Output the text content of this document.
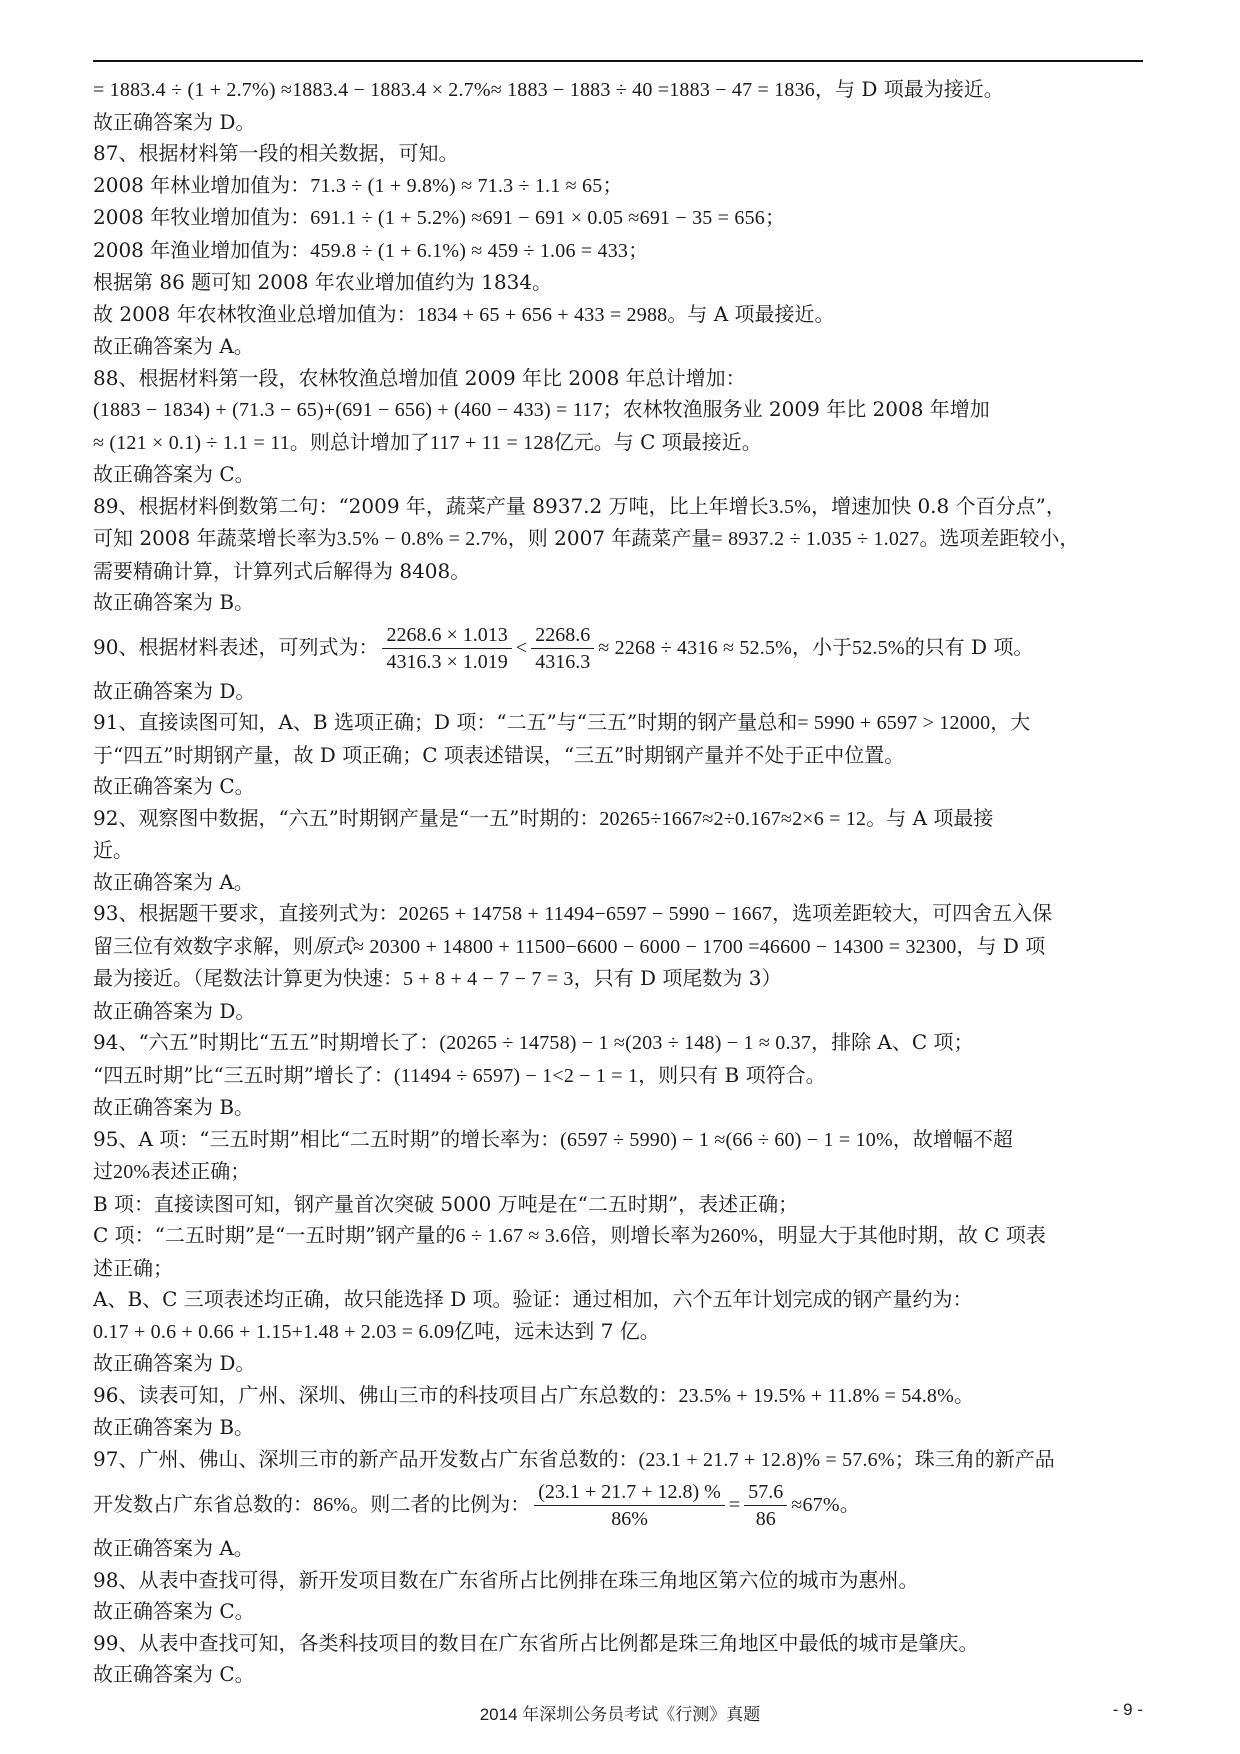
= 1883.4 ÷ (1 + 2.7%) ≈1883.4 − 1883.4 × 2.7%≈ 1883 − 1883 ÷ 40 =1883 − 47 = 1836，与 D 项最为接近。
故正确答案为 D。
87、根据材料第一段的相关数据，可知。
2008 年林业增加值为：71.3 ÷ (1 + 9.8%) ≈ 71.3 ÷ 1.1 ≈ 65；
2008 年牧业增加值为：691.1 ÷ (1 + 5.2%) ≈691 − 691 × 0.05 ≈691 − 35 = 656；
2008 年渔业增加值为：459.8 ÷ (1 + 6.1%) ≈ 459 ÷ 1.06 = 433；
根据第 86 题可知 2008 年农业增加值约为 1834。
故 2008 年农林牧渔业总增加值为：1834 + 65 + 656 + 433 = 2988。与 A 项最接近。
故正确答案为 A。
88、根据材料第一段，农林牧渔总增加值 2009 年比 2008 年总计增加：
(1883 − 1834) + (71.3 − 65)+(691 − 656) + (460 − 433) = 117；农林牧渔服务业 2009 年比 2008 年增加
≈ (121 × 0.1) ÷ 1.1 = 11。则总计增加了117 + 11 = 128亿元。与 C 项最接近。
故正确答案为 C。
89、根据材料倒数第二句：“2009 年，蔬菜产量 8937.2 万吨，比上年增长3.5%，增速加快 0.8 个百分点”，
可知 2008 年蔬菜增长率为3.5% − 0.8% = 2.7%，则 2007 年蔬菜产量= 8937.2 ÷ 1.035 ÷ 1.027。选项差距较小，
需要精确计算，计算列式后解得为 8408。
故正确答案为 B。
90、根据材料表述，可列式为： $\frac{2268.6 \times 1.013}{4316.3 \times 1.019} < \frac{2268.6}{4316.3} \approx 2268 \div 4316 \approx 52.5\%$，小于52.5%的只有 D 项。
故正确答案为 D。
91、直接读图可知，A、B 选项正确；D 项：“二五”与“三五”时期的钢产量总和= 5990 + 6597 > 12000，大
于“四五”时期钢产量，故 D 项正确；C 项表述错误，“三五”时期钢产量并不处于正中位置。
故正确答案为 C。
92、观察图中数据，“六五”时期钢产量是“一五”时期的：20265÷1667≈2÷0.167≈2×6 = 12。与 A 项最接
近。
故正确答案为 A。
93、根据题干要求，直接列式为：20265 + 14758 + 11494−6597 − 5990 − 1667，选项差距较大，可四舍五入保
留三位有效数字求解，则原式≈ 20300 + 14800 + 11500−6600 − 6000 − 1700 =46600 − 14300 = 32300，与 D 项
最为接近。（尾数法计算更为快速：5 + 8 + 4 − 7 − 7 = 3，只有 D 项尾数为 3）
故正确答案为 D。
94、“六五”时期比“五五”时期增长了：(20265 ÷ 14758) − 1 ≈(203 ÷ 148) − 1 ≈ 0.37，排除 A、C 项；
“四五时期”比“三五时期”增长了：(11494 ÷ 6597) − 1<2 − 1 = 1，则只有 B 项符合。
故正确答案为 B。
95、A 项：“三五时期”相比“二五时期”的增长率为：(6597 ÷ 5990) − 1 ≈(66 ÷ 60) − 1 = 10%，故增幅不超
过20%表述正确；
B 项：直接读图可知，钢产量首次突破 5000 万吨是在“二五时期”，表述正确；
C 项：“二五时期”是“一五时期”钢产量的6 ÷ 1.67 ≈ 3.6倍，则增长率为260%，明显大于其他时期，故 C 项表
述正确；
A、B、C 三项表述均正确，故只能选择 D 项。验证：通过相加，六个五年计划完成的钢产量约为：
0.17 + 0.6 + 0.66 + 1.15+1.48 + 2.03 = 6.09亿吨，远未达到 7 亿。
故正确答案为 D。
96、读表可知，广州、深圳、佛山三市的科技项目占广东总数的：23.5% + 19.5% + 11.8% = 54.8%。
故正确答案为 B。
97、广州、佛山、深圳三市的新产品开发数占广东省总数的：(23.1 + 21.7 + 12.8)% = 57.6%；珠三角的新产品
开发数占广东省总数的：86%。则二者的比例为： $\frac{(23.1 + 21.7 + 12.8) \%}{86\%} = \frac{57.6}{86} \approx 67\%$。
故正确答案为 A。
98、从表中查找可得，新开发项目数在广东省所占比例排在珠三角地区第六位的城市为惠州。
故正确答案为 C。
99、从表中查找可知，各类科技项目的数目在广东省所占比例都是珠三角地区中最低的城市是肇庆。
故正确答案为 C。
2014 年深圳公务员考试《行测》真题	- 9 -
